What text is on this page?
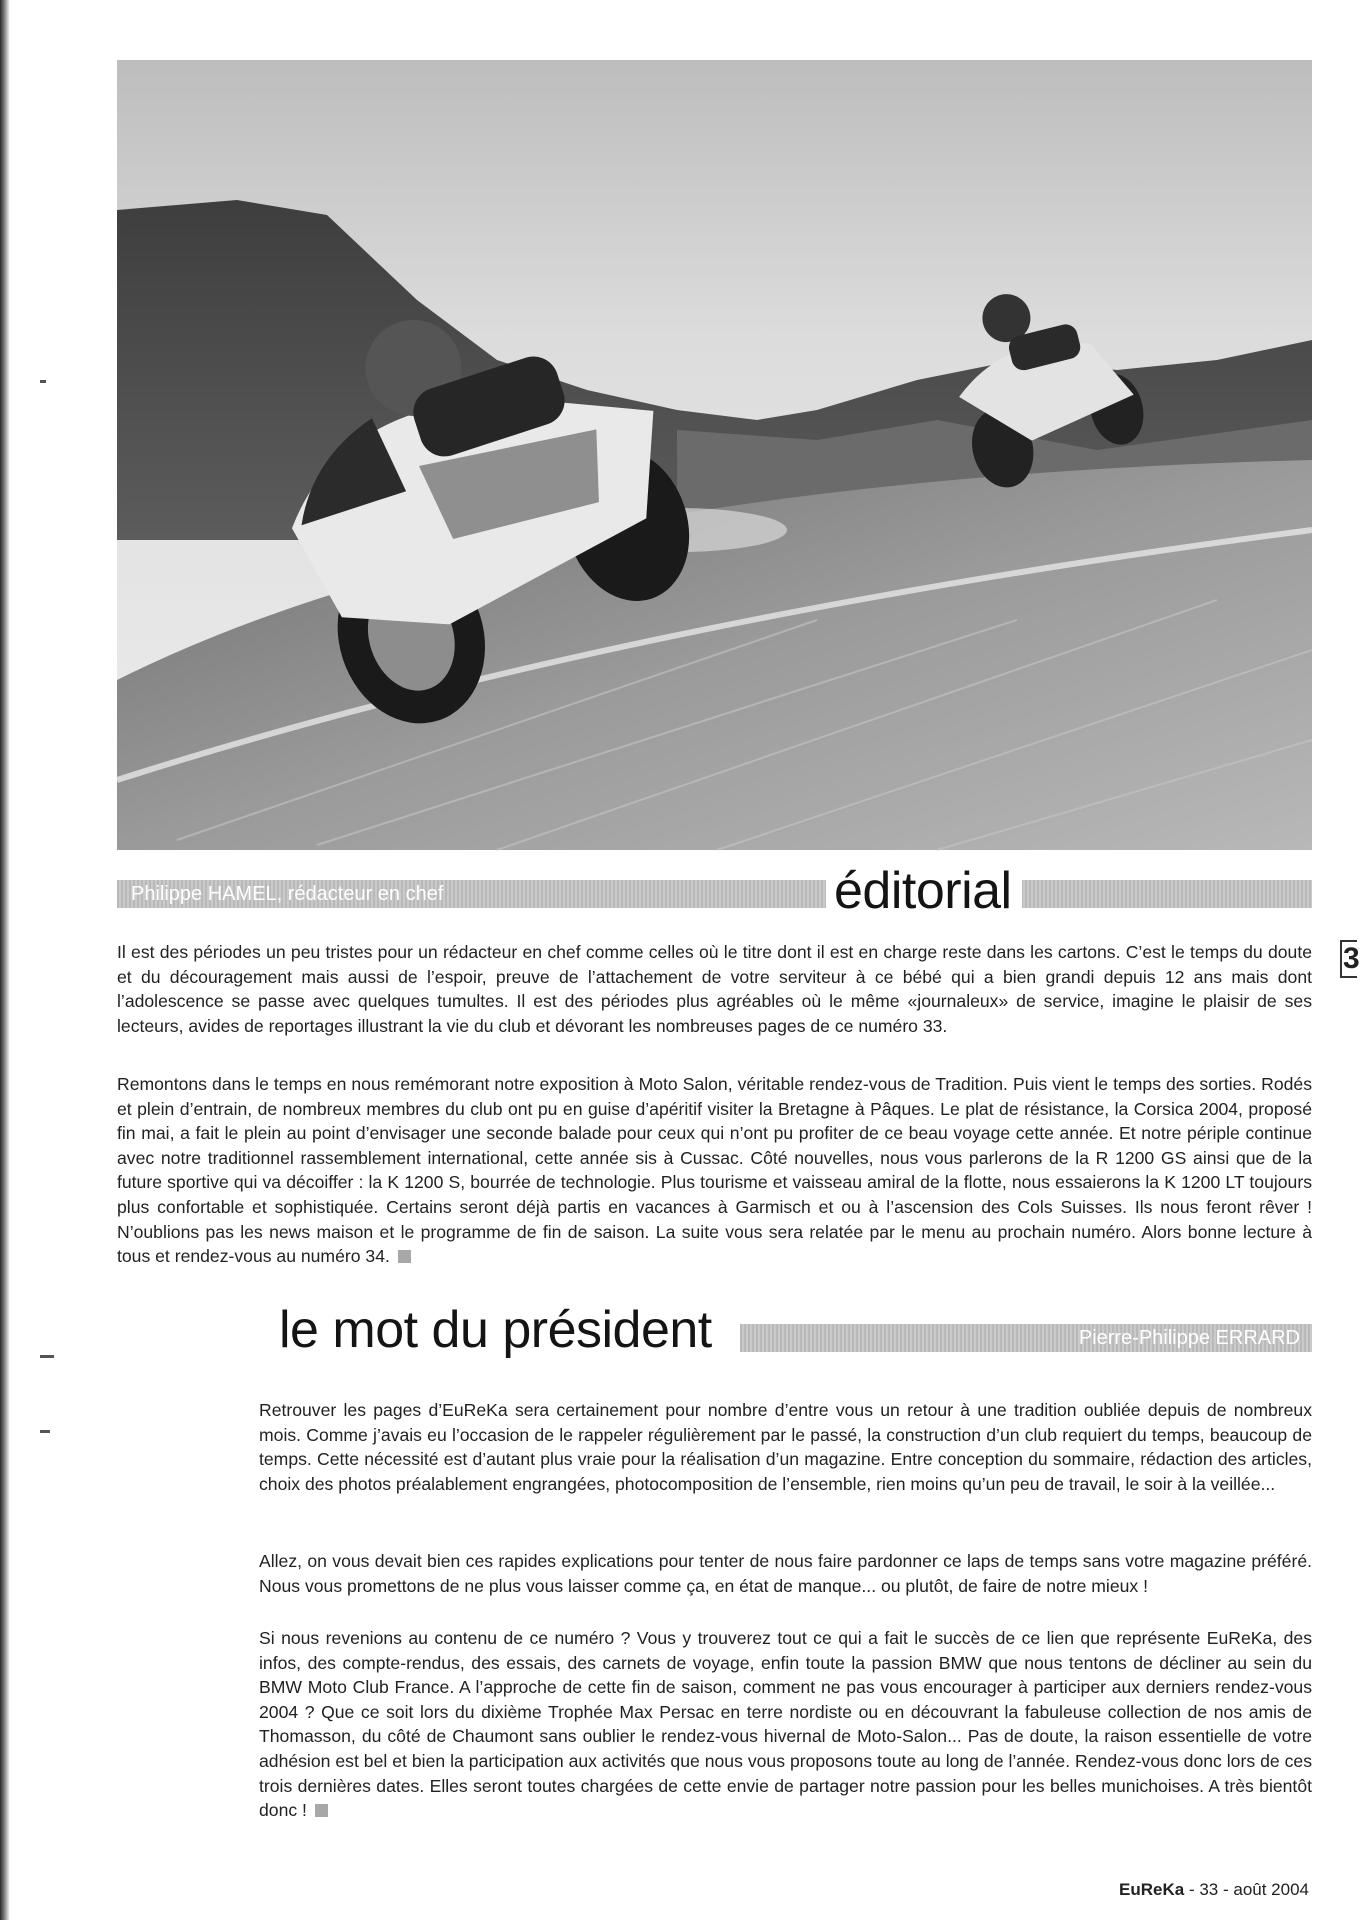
Philippe HAMEL, rédacteur en chef	éditorial
3

Il est des périodes un peu tristes pour un rédacteur en chef comme celles où le titre dont il est en charge reste dans les cartons. C’est le temps du doute et du découragement mais aussi de l’espoir, preuve de l’attachement de votre serviteur à ce bébé qui a bien grandi depuis 12 ans mais dont l’adolescence se passe avec quelques tumultes. Il est des périodes plus agréables où le même «journaleux» de service, imagine le plaisir de ses lecteurs, avides de reportages illustrant la vie du club et dévorant les nombreuses pages de ce numéro 33.

Remontons dans le temps en nous remémorant notre exposition à Moto Salon, véritable rendez-vous de Tradition. Puis vient le temps des sorties. Rodés et plein d’entrain, de nombreux membres du club ont pu en guise d’apéritif visiter la Bretagne à Pâques. Le plat de résistance, la Corsica 2004, proposé fin mai, a fait le plein au point d’envisager une seconde balade pour ceux qui n’ont pu profiter de ce beau voyage cette année. Et notre périple continue avec notre traditionnel rassemblement international, cette année sis à Cussac. Côté nouvelles, nous vous parlerons de la R 1200 GS ainsi que de la future sportive qui va décoiffer : la K 1200 S, bourrée de technologie. Plus tourisme et vaisseau amiral de la flotte, nous essaierons la K 1200 LT toujours plus confortable et sophistiquée. Certains seront déjà partis en vacances à Garmisch et ou à l’ascension des Cols Suisses. Ils nous feront rêver ! N’oublions pas les news maison et le programme de fin de saison. La suite vous sera relatée par le menu au prochain numéro. Alors bonne lecture à tous et rendez-vous au numéro 34.

Pierre-Philippe ERRARD
le mot du président

Retrouver les pages d’EuReKa sera certainement pour nombre d’entre vous un retour à une tradition oubliée depuis de nombreux mois. Comme j’avais eu l’occasion de le rappeler régulièrement par le passé, la construction d’un club requiert du temps, beaucoup de temps. Cette nécessité est d’autant plus vraie pour la réalisation d’un magazine. Entre conception du sommaire, rédaction des articles, choix des photos préalablement engrangées, photocomposition de l’ensemble, rien moins qu’un peu de travail, le soir à la veillée...

Allez, on vous devait bien ces rapides explications pour tenter de nous faire pardonner ce laps de temps sans votre magazine préféré. Nous vous promettons de ne plus vous laisser comme ça, en état de manque... ou plutôt, de faire de notre mieux !

Si nous revenions au contenu de ce numéro ? Vous y trouverez tout ce qui a fait le succès de ce lien que représente EuReKa, des infos, des compte-rendus, des essais, des carnets de voyage, enfin toute la passion BMW que nous tentons de décliner au sein du BMW Moto Club France. A l’approche de cette fin de saison, comment ne pas vous encourager à participer aux derniers rendez-vous 2004 ? Que ce soit lors du dixième Trophée Max Persac en terre nordiste ou en découvrant la fabuleuse collection de nos amis de Thomasson, du côté de Chaumont sans oublier le rendez-vous hivernal de Moto-Salon... Pas de doute, la raison essentielle de votre adhésion est bel et bien la participation aux activités que nous vous proposons toute au long de l’année. Rendez-vous donc lors de ces trois dernières dates. Elles seront toutes chargées de cette envie de partager notre passion pour les belles munichoises. A très bientôt donc !

EuReKa - 33 - août 2004
